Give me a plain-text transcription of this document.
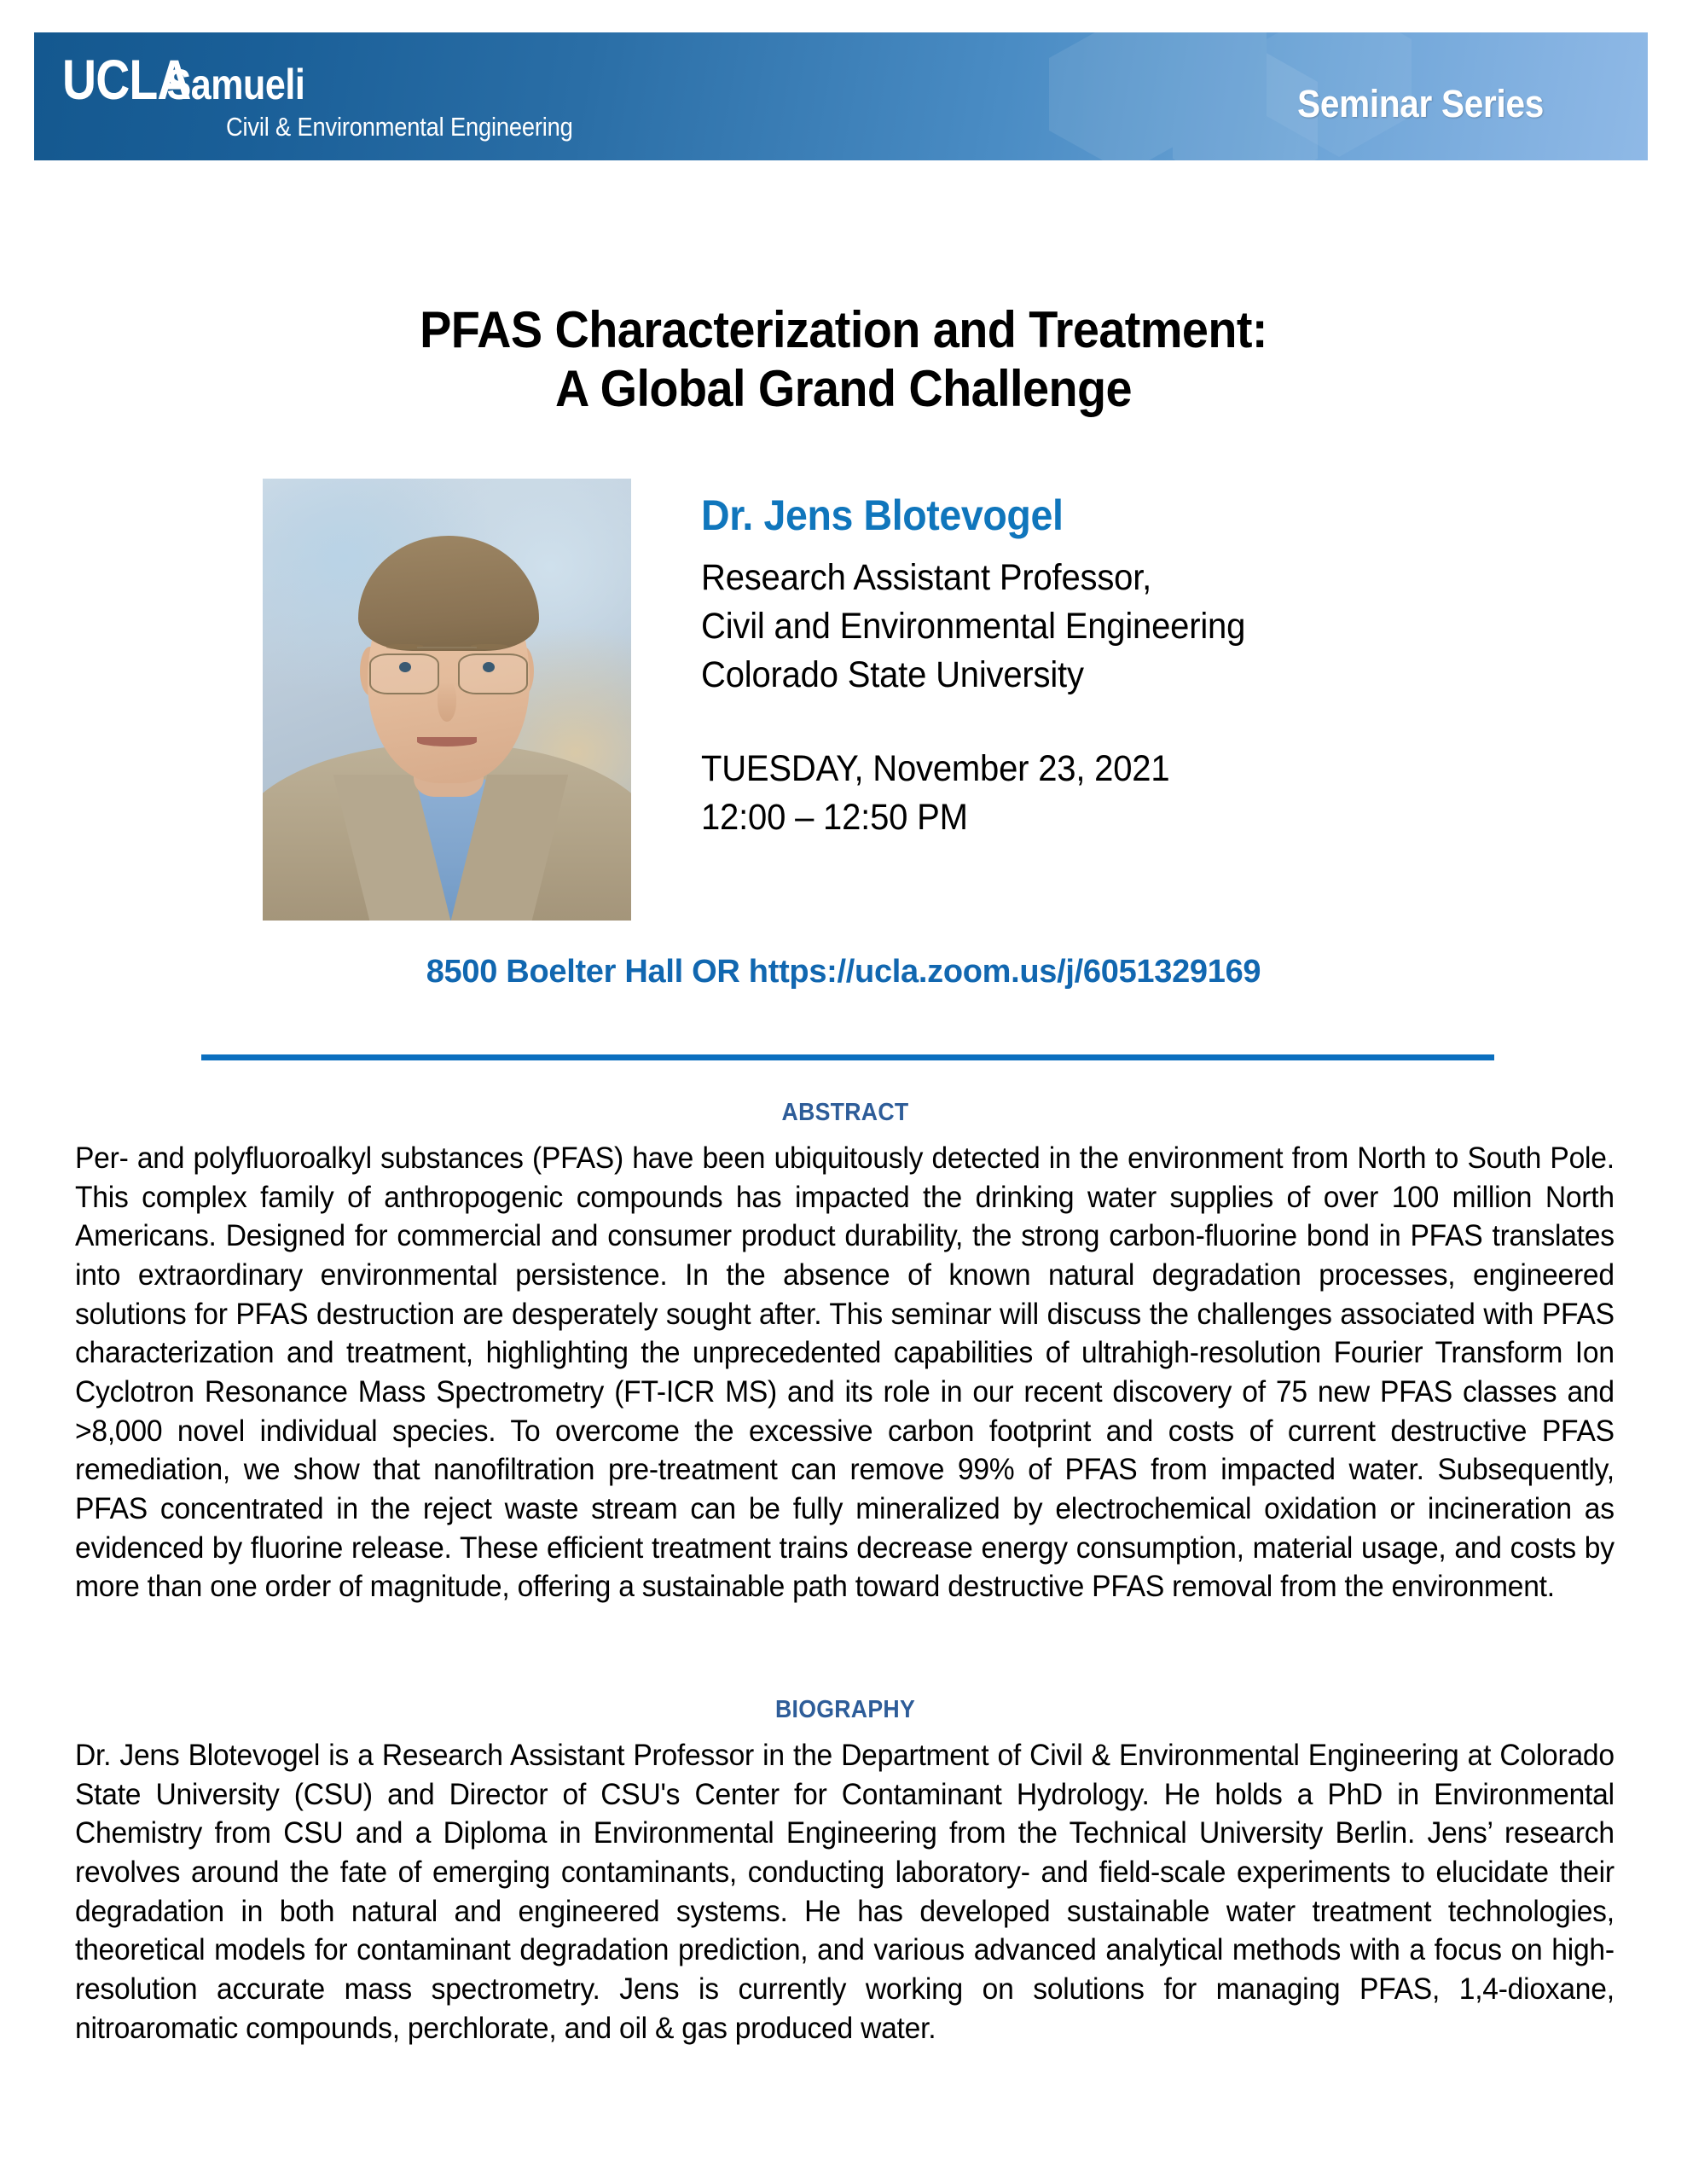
UCLA
Samueli
Civil & Environmental Engineering
Seminar Series
PFAS Characterization and Treatment:
A Global Grand Challenge
Dr. Jens Blotevogel
Research Assistant Professor,
Civil and Environmental Engineering
Colorado State University
TUESDAY, November 23, 2021
12:00 – 12:50 PM
8500 Boelter Hall OR https://ucla.zoom.us/j/6051329169
ABSTRACT
Per- and polyfluoroalkyl substances (PFAS) have been ubiquitously detected in the environment from North to South Pole. This complex family of anthropogenic compounds has impacted the drinking water supplies of over 100 million North Americans. Designed for commercial and consumer product durability, the strong carbon-fluorine bond in PFAS translates into extraordinary environmental persistence. In the absence of known natural degradation processes, engineered solutions for PFAS destruction are desperately sought after. This seminar will discuss the challenges associated with PFAS characterization and treatment, highlighting the unprecedented capabilities of ultrahigh-resolution Fourier Transform Ion Cyclotron Resonance Mass Spectrometry (FT-ICR MS) and its role in our recent discovery of 75 new PFAS classes and >8,000 novel individual species. To overcome the excessive carbon footprint and costs of current destructive PFAS remediation, we show that nanofiltration pre-treatment can remove 99% of PFAS from impacted water. Subsequently, PFAS concentrated in the reject waste stream can be fully mineralized by electrochemical oxidation or incineration as evidenced by fluorine release. These efficient treatment trains decrease energy consumption, material usage, and costs by more than one order of magnitude, offering a sustainable path toward destructive PFAS removal from the environment.
BIOGRAPHY
Dr. Jens Blotevogel is a Research Assistant Professor in the Department of Civil & Environmental Engineering at Colorado State University (CSU) and Director of CSU's Center for Contaminant Hydrology. He holds a PhD in Environmental Chemistry from CSU and a Diploma in Environmental Engineering from the Technical University Berlin. Jens’ research revolves around the fate of emerging contaminants, conducting laboratory- and field-scale experiments to elucidate their degradation in both natural and engineered systems. He has developed sustainable water treatment technologies, theoretical models for contaminant degradation prediction, and various advanced analytical methods with a focus on high-resolution accurate mass spectrometry. Jens is currently working on solutions for managing PFAS, 1,4-dioxane, nitroaromatic compounds, perchlorate, and oil & gas produced water.
